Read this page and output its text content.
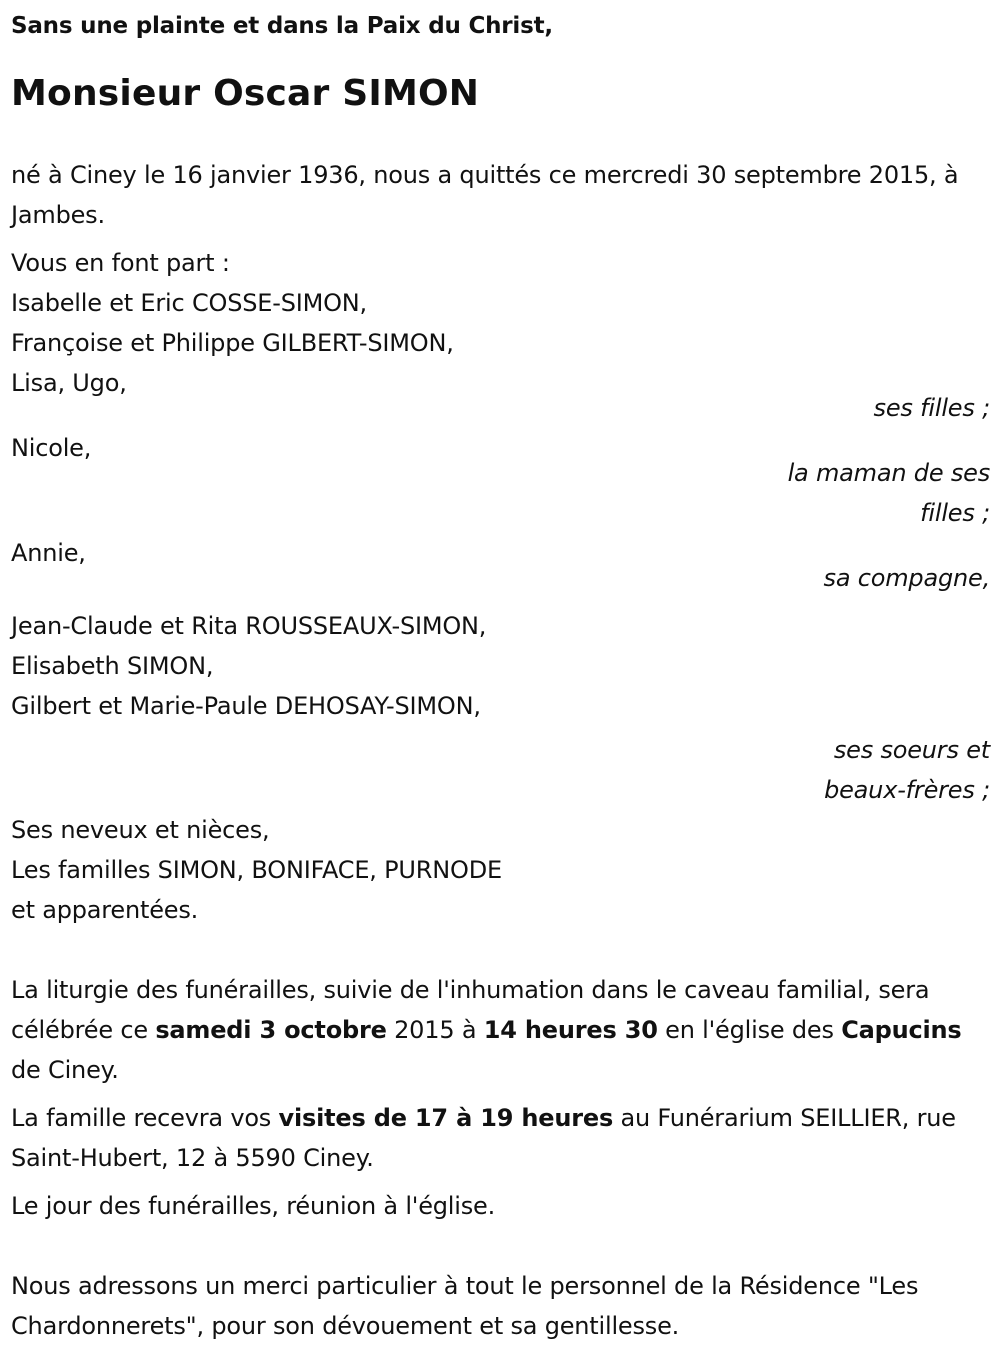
Sans une plainte et dans la Paix du Christ,

Monsieur Oscar SIMON

né à Ciney le 16 janvier 1936, nous a quittés ce mercredi 30 septembre 2015, à Jambes.

Vous en font part :

Isabelle et Eric COSSE-SIMON,

Françoise et Philippe GILBERT-SIMON,

Lisa, Ugo,

ses filles ;

Nicole,

la maman de ses filles ;

Annie,

sa compagne,

Jean-Claude et Rita ROUSSEAUX-SIMON,

Elisabeth SIMON,

Gilbert et Marie-Paule DEHOSAY-SIMON,

ses soeurs et beaux-frères ;

Ses neveux et nièces,

Les familles SIMON, BONIFACE, PURNODE

et apparentées.

La liturgie des funérailles, suivie de l'inhumation dans le caveau familial, sera célébrée ce samedi 3 octobre 2015 à 14 heures 30 en l'église des Capucins de Ciney.

La famille recevra vos visites de 17 à 19 heures au Funérarium SEILLIER, rue Saint-Hubert, 12 à 5590 Ciney.

Le jour des funérailles, réunion à l'église.

Nous adressons un merci particulier à tout le personnel de la Résidence "Les Chardonnerets", pour son dévouement et sa gentillesse.
